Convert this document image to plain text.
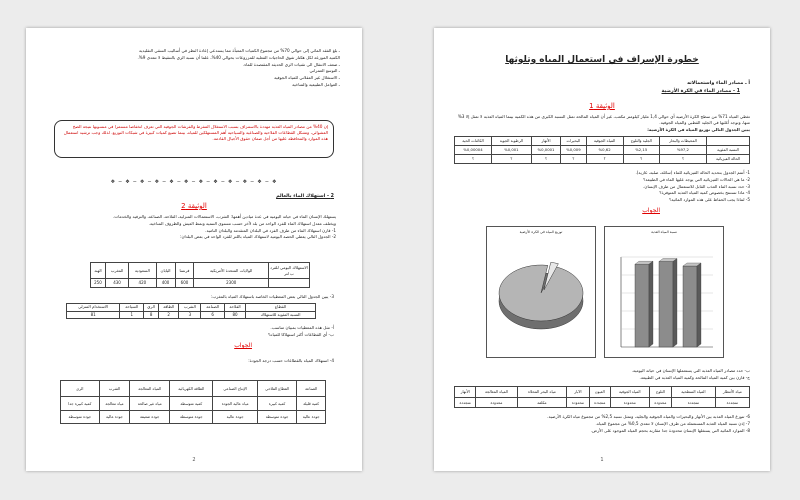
ـ بلغ الفقد المائي إلى حوالي 70% من مجموع الكميات المعبأة مما يستدعي إعادة النظر في أساليب السقي التقليدية

الكمية الموزعة لكل هكتار تفوق الحاجيات الفعلية للمزروعات بحوالي 40%، علما أن نسبة الري بالتنقيط لا تتعدى 9%.

ـ ضعف الانتقال الى تقنيات الري الحديثة المقتصدة للماء.

ـ التوسع العمراني

ـ الاستغلال غير العقلاني للمياه الجوفية

ـ العوامل الطبيعية والمناخية

إن 40% من مصادر المياه العذبة مهددة بالاستنزاف بسبب الاستغلال المفرط والفرشات الجوفية التي تعرف انخفاضا مستمرا في منسوبها نتيجة الضخ العشوائي، وتشكل القطاعات الفلاحية والصناعية والسياحية أهم المستهلكين للمياه، بينما تضيع كميات كبيرة في شبكات التوزيع. لذلك وجب ترشيد استعمال هذه الموارد والمحافظة عليها من أجل ضمان حقوق الأجيال القادمة.

❖ ─ ❖ ─ ❖ ─ ❖ ─ ❖ ─ ❖ ─ ❖ ─ ❖ ─ ❖ ─ ❖ ─ ❖ ─ ❖
2 - استهلاك الماء بالعالم
الوثيقة 2

يستهلك الإنسان الماء في حياته اليومية في عدة ميادين أهمها: الشرب، الاستعمالات المنزلية، الفلاحة، الصناعة، والترفيه والخدمات.

ويختلف معدل استهلاك الماء للفرد الواحد من بلد لآخر حسب مستوى التنمية ونمط العيش والظروف المناخية.

1- قارن استهلاك الماء من طرف الفرد في البلدان المتقدمة والبلدان النامية.

2- الجدول التالي يعطي الحصة اليومية لاستهلاك المياه باللتر للفرد الواحد في بعض البلدان:

الاستهلاك اليومي للفرد ب لتر	الولايات المتحدة الأمريكية	فرنسا	اليابان	السعودية	المغرب	الهند
	2300	600	400	420	430	250
3- يبين الجدول التالي بعض المعطيات الخاصة باستهلاك المياه بالمغرب:
القطاع	الفلاحة	الصناعة	الشرب	الطاقة	الري	السياحة	الاستخدام المنزلي
النسبة المئوية للاستهلاك	80	6	3	2	8	1	81

أ- مثل هذه المعطيات بمبيان مناسب.

ب- أي القطاعات أكثر استهلاكا للمياه؟

الجواب
4- استهلاك المياه بالقطاعات حسب درجة الجودة:
الصناعة	القطاع الفلاحي	الإنتاج الصناعي	الطاقة الكهربائية	المياه المعالجة	الشرب	الري
كمية قليلة	كمية كبيرة	مياه عالية الجودة	كمية متوسطة	مياه غير صالحة	مياه معالجة	كمية كبيرة جدا
جودة عالية	جودة متوسطة	جودة عالية	جودة متوسطة	جودة ضعيفة	جودة عالية	جودة متوسطة
2
خطورة الإسراف في استعمال المياه وتلوثها
أ ـ مصادر الماء واستعمالاته
1 - مصادر الماء في الكرة الأرضية
الوثيقة 1

تغطي المياه 71% من سطح الكرة الأرضية أي حوالي 1,4 مليار كيلومتر مكعب، غير أن المياه المالحة تمثل النسبة الكبرى من هذه الكمية بينما المياه العذبة لا تمثل إلا 3% منها، وتوجد أغلبها في الجليد القطبي والمياه الجوفية.

يبين الجدول التالي توزيع المياه في الكرة الأرضية:

	المحيطات والبحار	الجليد والثلوج	المياه الجوفية	البحيرات	الأنهار	الرطوبة الجوية	الكائنات الحية
النسبة المئوية	%97,2	%2,15	%0,62	%0,009	%0,0001	%0,001	%0,00004
الحالة الفيزيائية	؟	؟	؟	؟	؟	؟	؟

1- أتمم الجدول بتحديد الحالة الفيزيائية للماء (سائلة، صلبة، غازية).

2- ما هي الحالات الفيزيائية التي يوجد عليها الماء في الطبيعة؟

3- حدد نسبة الماء العذب القابل للاستعمال من طرف الإنسان.

4- ماذا تستنتج بخصوص كمية المياه العذبة المتوفرة؟

5- لماذا يجب الحفاظ على هذه الموارد المائية؟

الجواب
توزيع المياه في الكرة الأرضية	نسبة المياه العذبة

ب- حدد مصادر المياه العذبة التي يستعملها الإنسان في حياته اليومية.

ج- قارن بين كمية المياه المالحة وكمية المياه العذبة في الطبيعة.

مياه الأمطار	المياه السطحية	الثلوج	المياه الجوفية	العيون	الآبار	مياه البحر المحلاة	المياه المعالجة	الأنهار
متجددة	متجددة	محدودة	محدودة	متجددة	محدودة	مكلفة	محدودة	متجددة

6- تتوزع المياه العذبة بين الأنهار والبحيرات والمياه الجوفية والجليد، وتمثل نسبة 2,5% من مجموع مياه الكرة الأرضية.

7- إذن نسبة المياه العذبة المستعملة من طرف الإنسان لا تتعدى 0,5% من مجموع المياه.

8- الموارد المائية التي يستغلها الإنسان محدودة جدا مقارنة بحجم المياه الموجود على الأرض.

1
